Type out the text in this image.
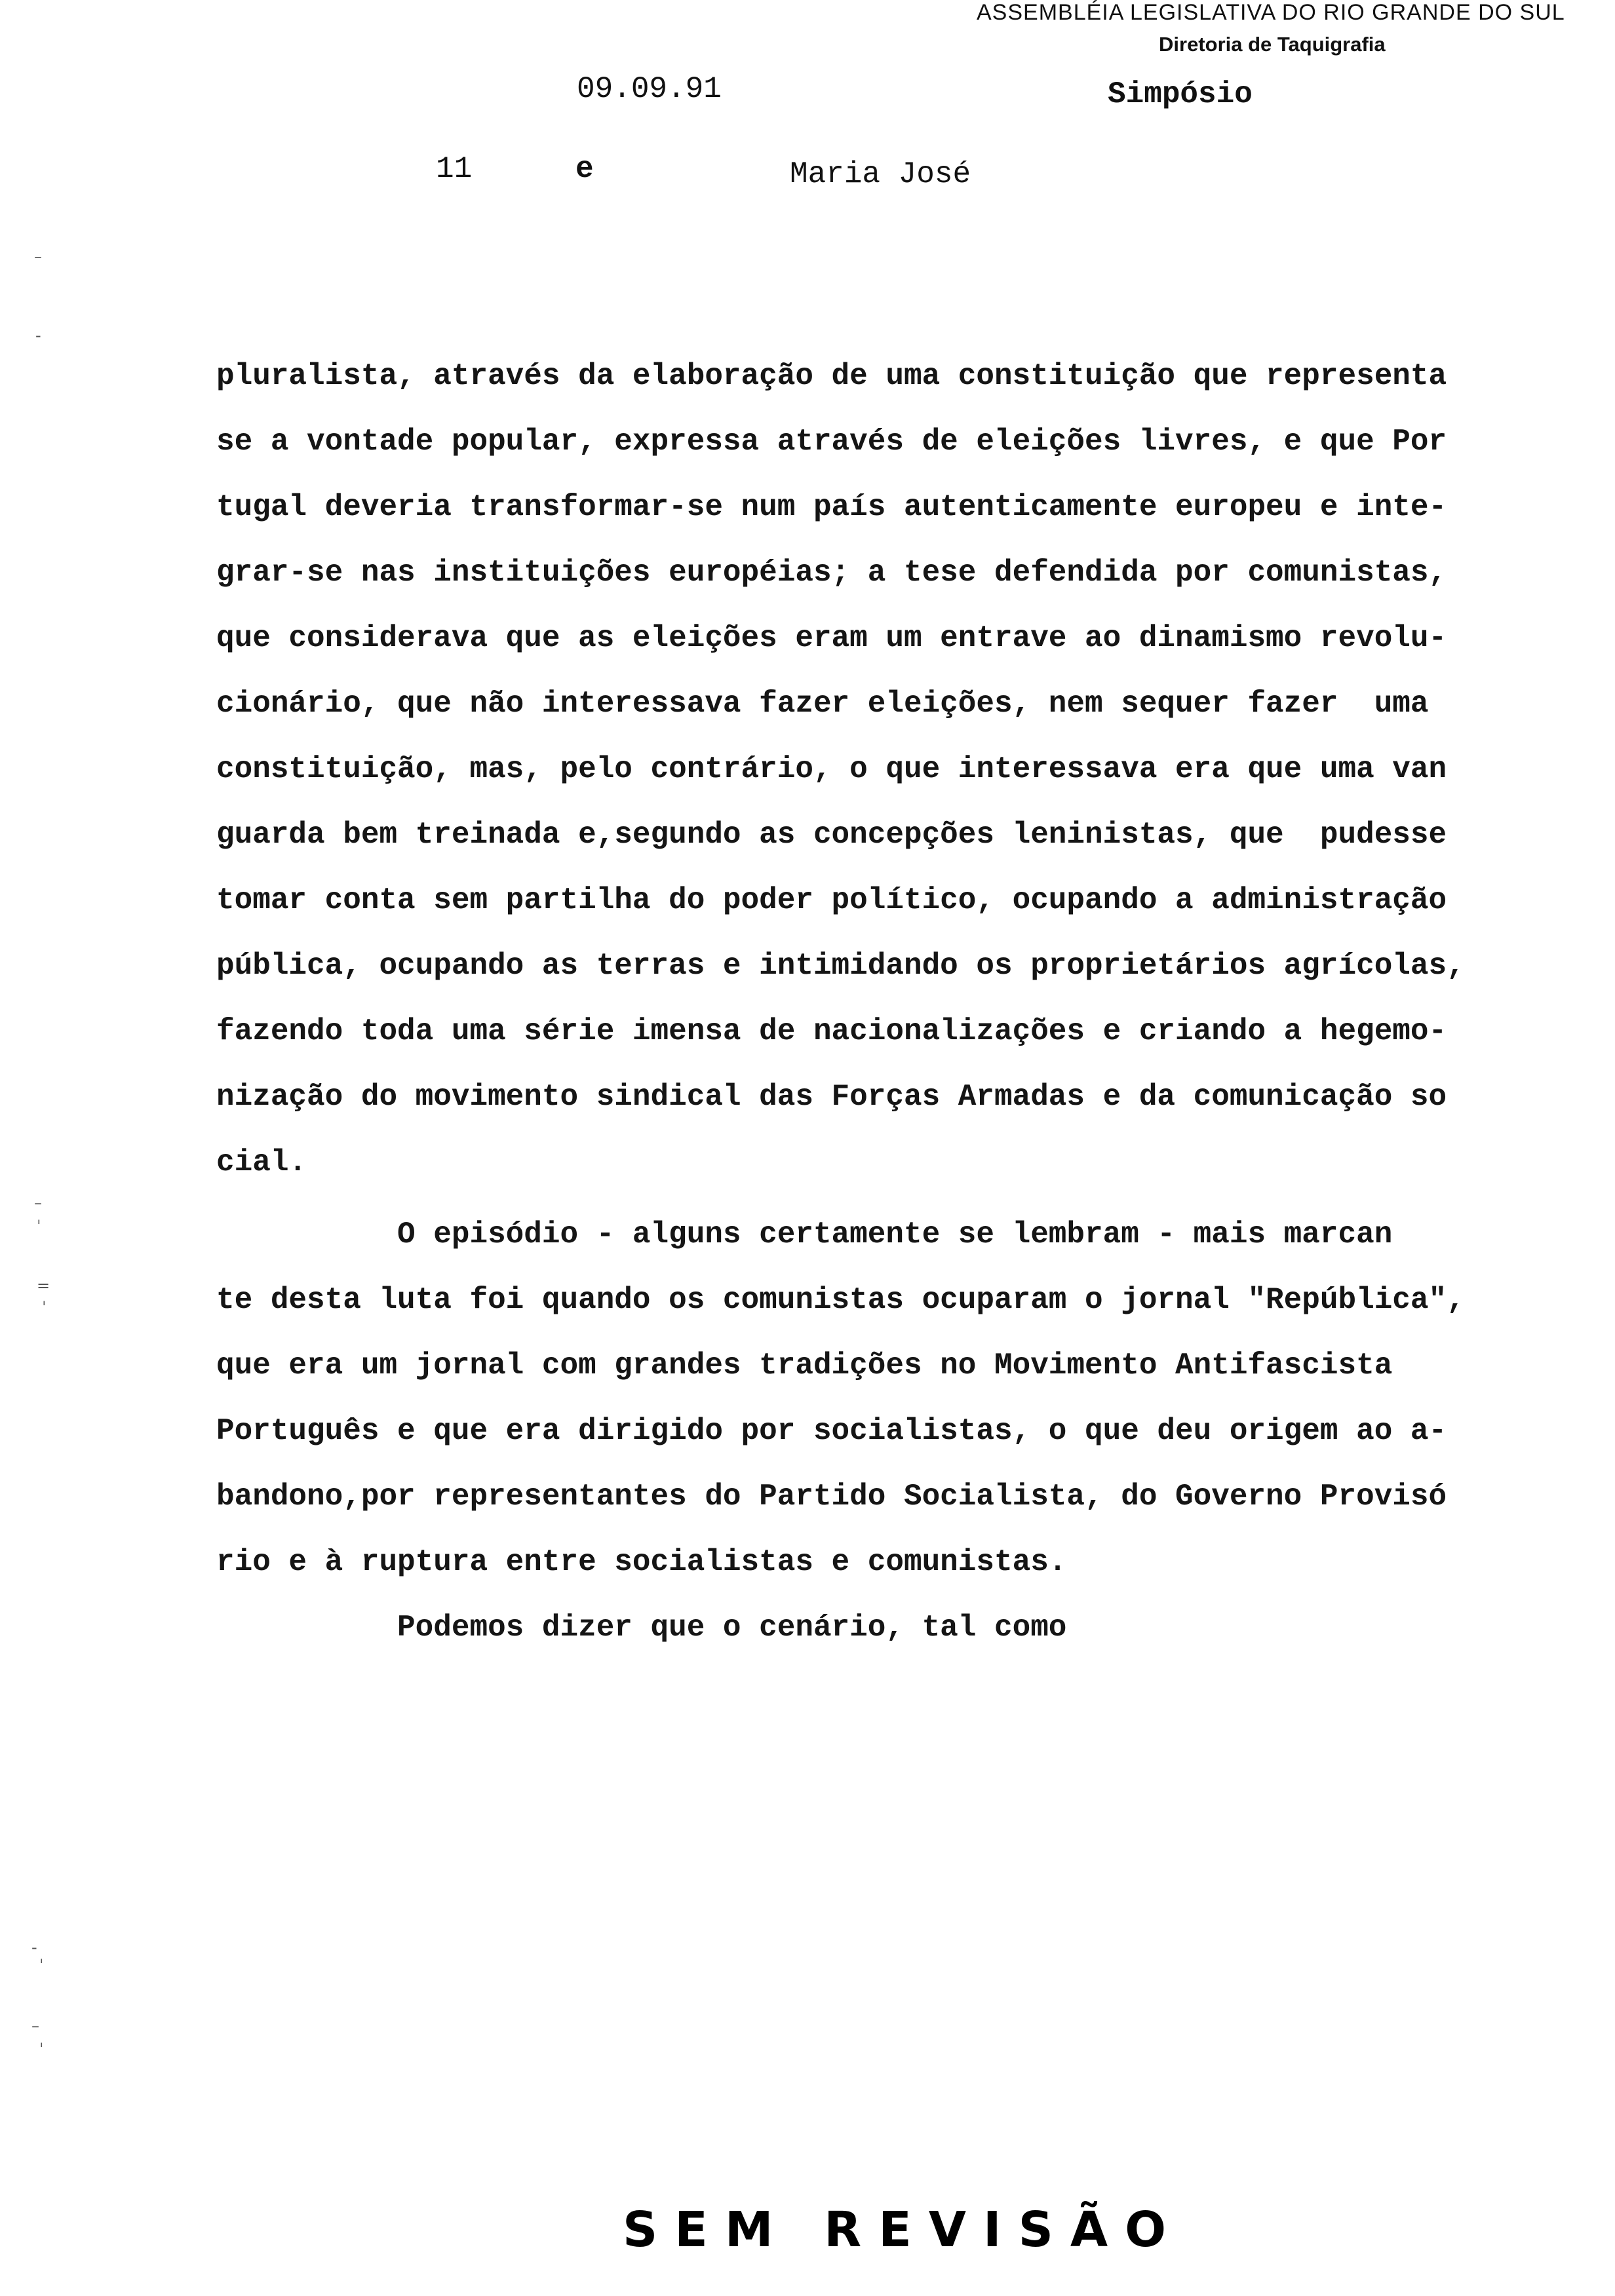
ASSEMBLÉIA LEGISLATIVA DO RIO GRANDE DO SUL
Diretoria de Taquigrafia
09.09.91	Simpósio
11	e	Maria José
–
‐
–
ˈ
=
ˈ
‐
ˈ
–
ˈ
pluralista, através da elaboração de uma constituição que representa
se a vontade popular, expressa através de eleições livres, e que Por
tugal deveria transformar-se num país autenticamente europeu e inte-
grar-se nas instituições européias; a tese defendida por comunistas,
que considerava que as eleições eram um entrave ao dinamismo revolu-
cionário, que não interessava fazer eleições, nem sequer fazer  uma
constituição, mas, pelo contrário, o que interessava era que uma van
guarda bem treinada e,segundo as concepções leninistas, que  pudesse
tomar conta sem partilha do poder político, ocupando a administração
pública, ocupando as terras e intimidando os proprietários agrícolas,
fazendo toda uma série imensa de nacionalizações e criando a hegemo-
nização do movimento sindical das Forças Armadas e da comunicação so
cial.
O episódio - alguns certamente se lembram - mais marcan
te desta luta foi quando os comunistas ocuparam o jornal "República",
que era um jornal com grandes tradições no Movimento Antifascista
Português e que era dirigido por socialistas, o que deu origem ao a-
bandono,por representantes do Partido Socialista, do Governo Provisó
rio e à ruptura entre socialistas e comunistas.
Podemos dizer que o cenário, tal como
SEM REVISÃO
